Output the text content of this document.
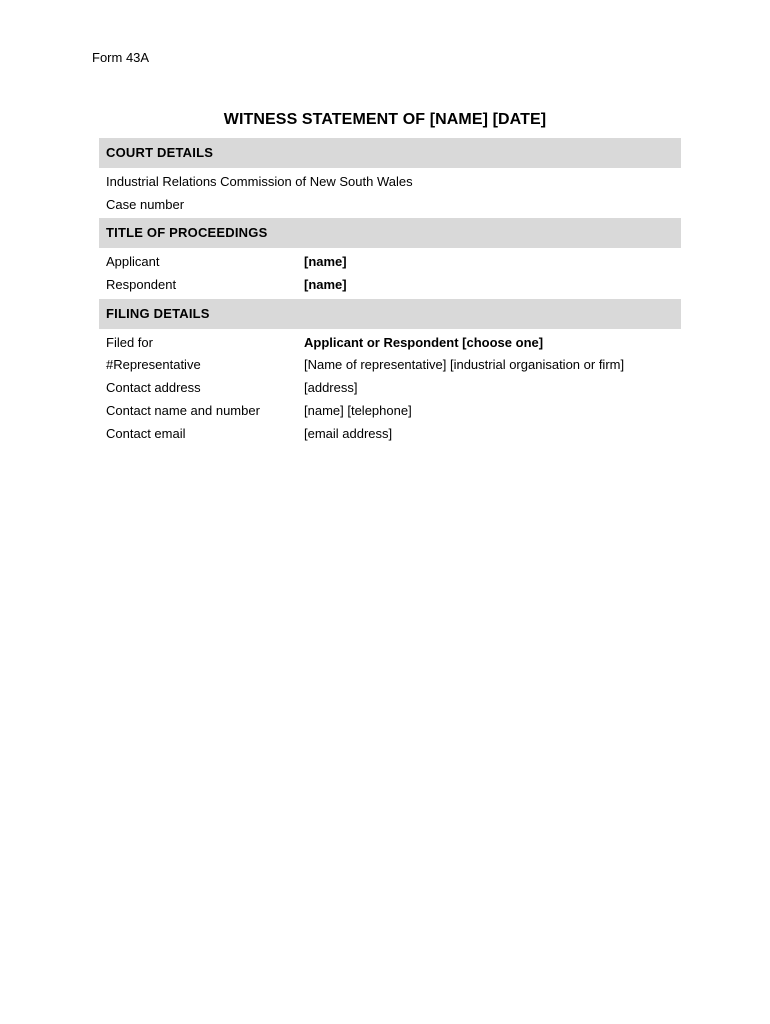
Form 43A
WITNESS STATEMENT OF [NAME] [DATE]
COURT DETAILS
Industrial Relations Commission of New South Wales
Case number
TITLE OF PROCEEDINGS
Applicant	[name]
Respondent	[name]
FILING DETAILS
Filed for	Applicant or Respondent [choose one]
#Representative	[Name of representative] [industrial organisation or firm]
Contact address	[address]
Contact name and number	[name] [telephone]
Contact email	[email address]
